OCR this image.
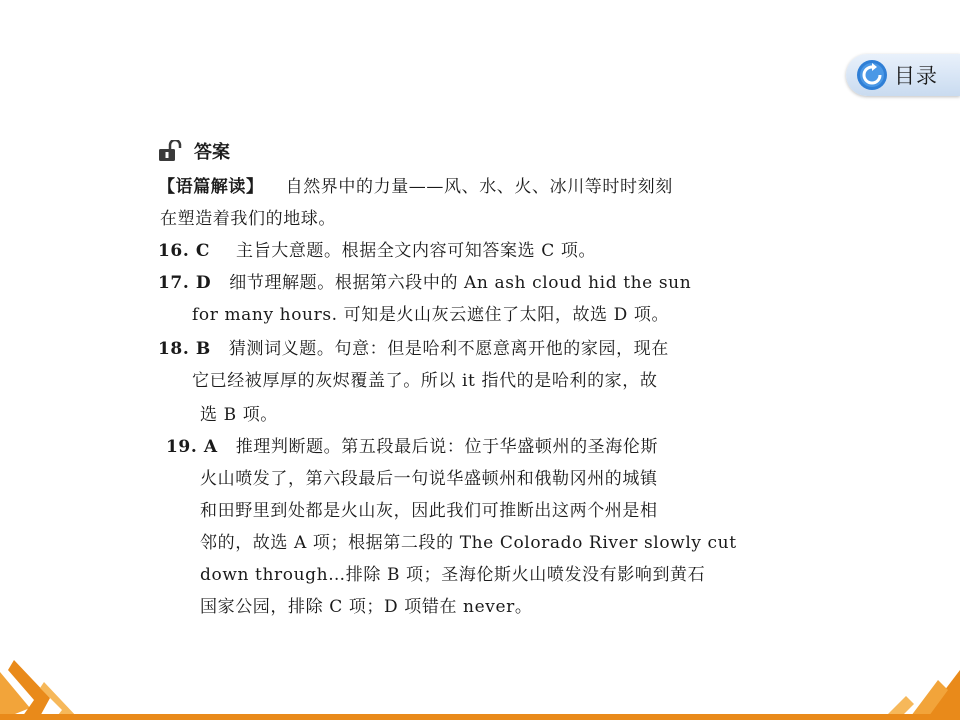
目录
答案
【语篇解读】 自然界中的力量——风、水、火、冰川等时时刻刻
在塑造着我们的地球。
16. C 主旨大意题。根据全文内容可知答案选 C 项。
17. D 细节理解题。根据第六段中的 An ash cloud hid the sun
for many hours. 可知是火山灰云遮住了太阳，故选 D 项。
18. B 猜测词义题。句意：但是哈利不愿意离开他的家园，现在
它已经被厚厚的灰烬覆盖了。所以 it 指代的是哈利的家，故
选 B 项。
19. A 推理判断题。第五段最后说：位于华盛顿州的圣海伦斯
火山喷发了，第六段最后一句说华盛顿州和俄勒冈州的城镇
和田野里到处都是火山灰，因此我们可推断出这两个州是相
邻的，故选 A 项；根据第二段的 The Colorado River slowly cut
down through…排除 B 项；圣海伦斯火山喷发没有影响到黄石
国家公园，排除 C 项；D 项错在 never。
